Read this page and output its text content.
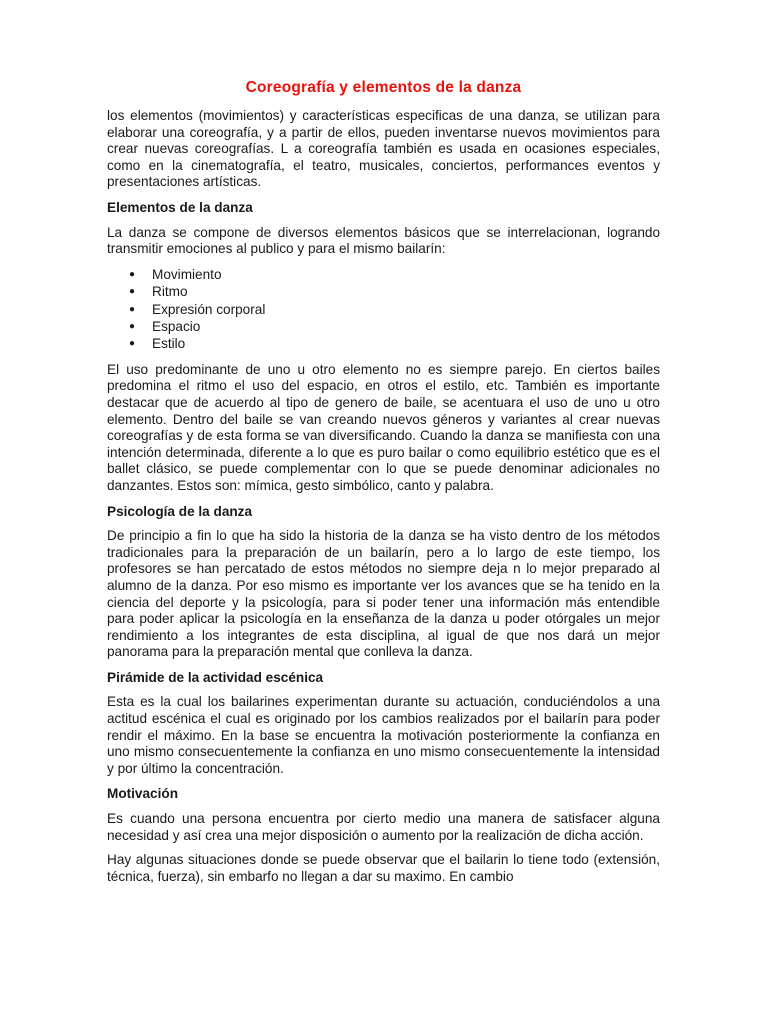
Coreografía y elementos de la danza

los elementos (movimientos) y características especificas de una danza, se utilizan para elaborar una coreografía, y a partir de ellos, pueden inventarse nuevos movimientos para crear nuevas coreografías. L a coreografía también es usada en ocasiones especiales, como en la cinematografía, el teatro, musicales, conciertos, performances eventos y presentaciones artísticas.

Elementos de la danza

La danza se compone de diversos elementos básicos que se interrelacionan, logrando transmitir emociones al publico y para el mismo bailarín:

● Movimiento
● Ritmo
● Expresión corporal
● Espacio
● Estilo

El uso predominante de uno u otro elemento no es siempre parejo. En ciertos bailes predomina el ritmo el uso del espacio, en otros el estilo, etc. También es importante destacar que de acuerdo al tipo de genero de baile, se acentuara el uso de uno u otro elemento. Dentro del baile se van creando nuevos géneros y variantes al crear nuevas coreografías y de esta forma se van diversificando. Cuando la danza se manifiesta con una intención determinada, diferente a lo que es puro bailar o como equilibrio estético que es el ballet clásico, se puede complementar con lo que se puede denominar adicionales no danzantes. Estos son: mímica, gesto simbólico, canto y palabra.

Psicología de la danza

De principio a fin lo que ha sido la historia de la danza se ha visto dentro de los métodos tradicionales para la preparación de un bailarín, pero a lo largo de este tiempo, los profesores se han percatado de estos métodos no siempre deja n lo mejor preparado al alumno de la danza. Por eso mismo es importante ver los avances que se ha tenido en la ciencia del deporte y la psicología, para si poder tener una información más entendible para poder aplicar la psicología en la enseñanza de la danza u poder otórgales un mejor rendimiento a los integrantes de esta disciplina, al igual de que nos dará un mejor panorama para la preparación mental que conlleva la danza.

Pirámide de la actividad escénica

Esta es la cual los bailarines experimentan durante su actuación, conduciéndolos a una actitud escénica el cual es originado por los cambios realizados por el bailarín para poder rendir el máximo. En la base se encuentra la motivación posteriormente la confianza en uno mismo consecuentemente la confianza en uno mismo consecuentemente la intensidad y por último la concentración.

Motivación

Es cuando una persona encuentra por cierto medio una manera de satisfacer alguna necesidad y así crea una mejor disposición o aumento por la realización de dicha acción.

Hay algunas situaciones donde se puede observar que el bailarin lo tiene todo (extensión, técnica, fuerza), sin embarfo no llegan a dar su maximo. En cambio
